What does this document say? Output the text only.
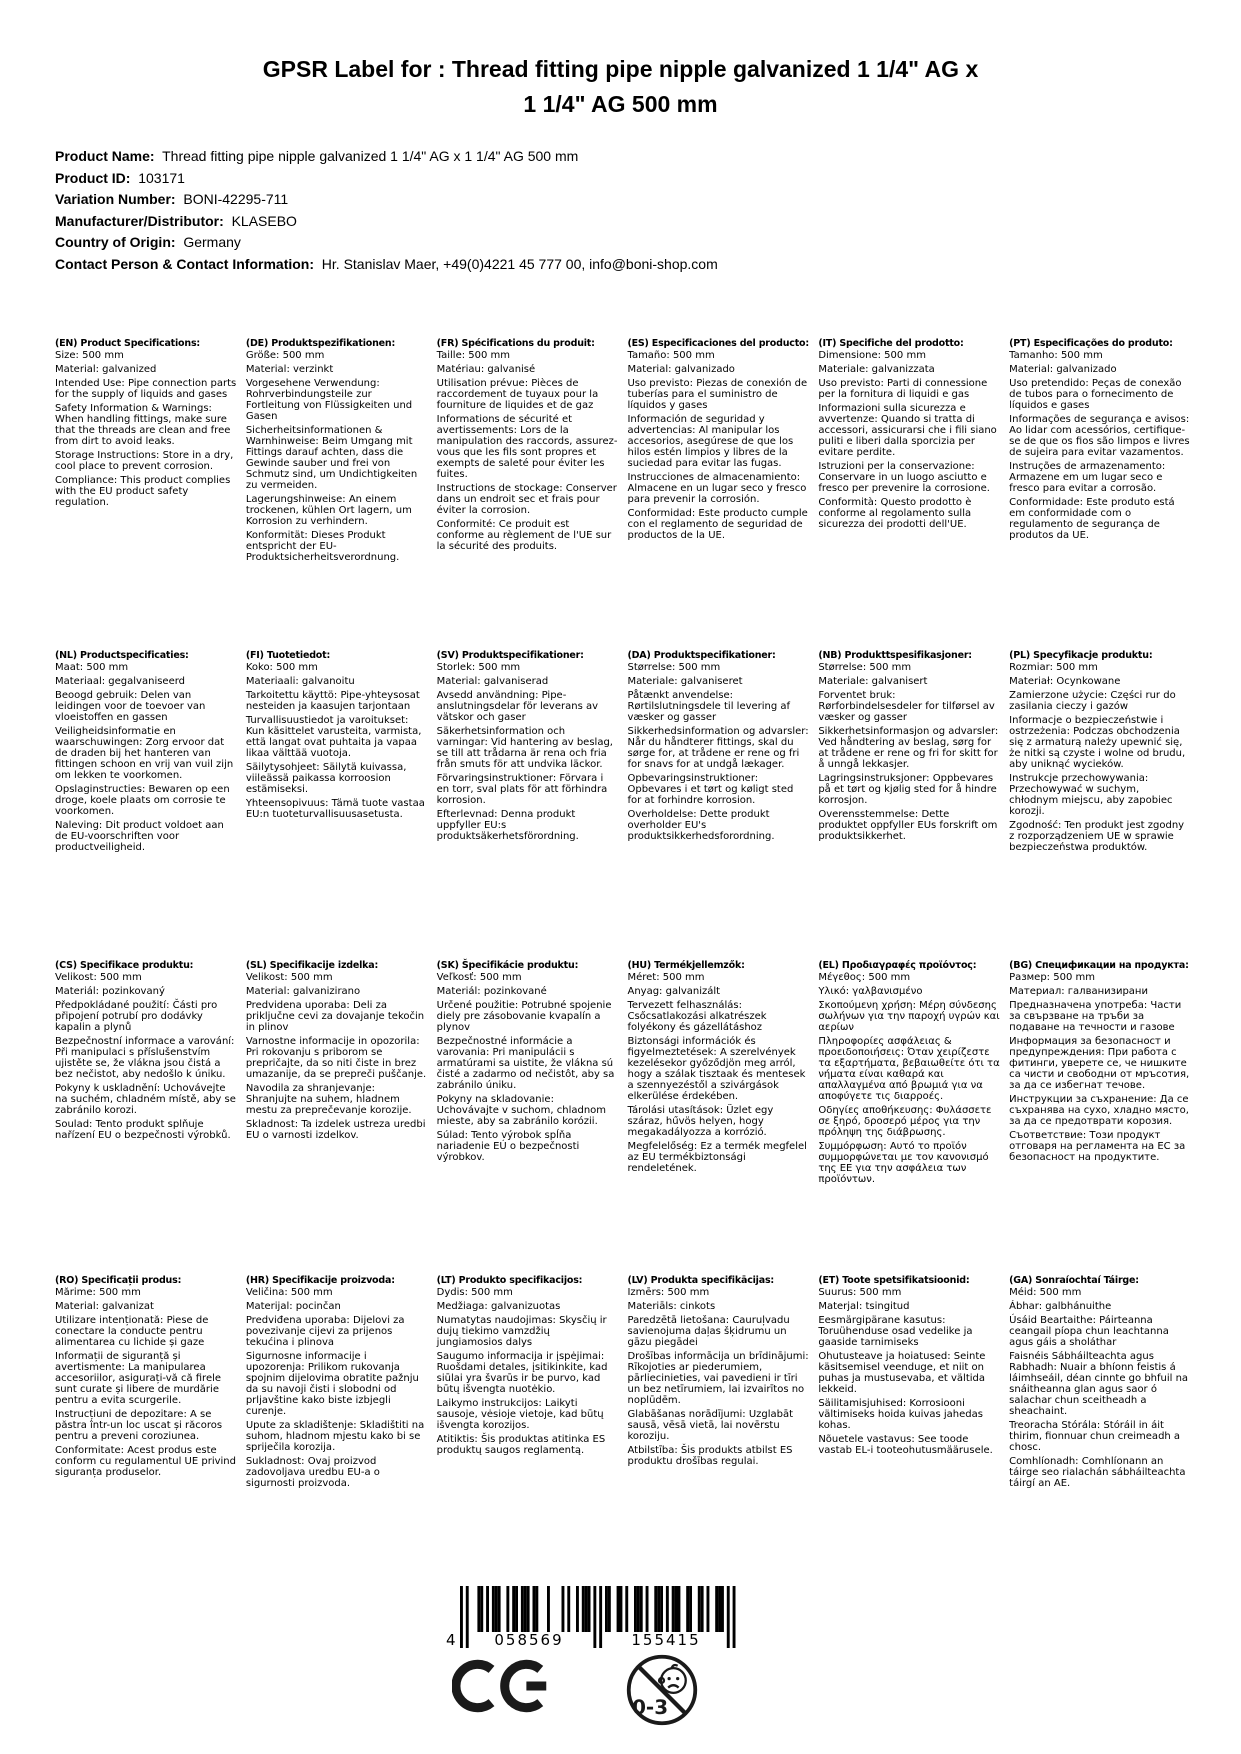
GPSR Label for : Thread fitting pipe nipple galvanized 1 1/4" AG x
1 1/4" AG 500 mm
Product Name: Thread fitting pipe nipple galvanized 1 1/4" AG x 1 1/4" AG 500 mm
Product ID: 103171
Variation Number: BONI-42295-711
Manufacturer/Distributor: KLASEBO
Country of Origin: Germany
Contact Person & Contact Information: Hr. Stanislav Maer, +49(0)4221 45 777 00, info@boni-shop.com
(EN) Product Specifications:

Size: 500 mm

Material: galvanized

Intended Use: Pipe connection parts for the supply of liquids and gases

Safety Information & Warnings: When handling fittings, make sure that the threads are clean and free from dirt to avoid leaks.

Storage Instructions: Store in a dry, cool place to prevent corrosion.

Compliance: This product complies with the EU product safety regulation.

(DE) Produktspezifikationen:

Größe: 500 mm

Material: verzinkt

Vorgesehene Verwendung: Rohrverbindungsteile zur Fortleitung von Flüssigkeiten und Gasen

Sicherheitsinformationen & Warnhinweise: Beim Umgang mit Fittings darauf achten, dass die Gewinde sauber und frei von Schmutz sind, um Undichtigkeiten zu vermeiden.

Lagerungshinweise: An einem trockenen, kühlen Ort lagern, um Korrosion zu verhindern.

Konformität: Dieses Produkt entspricht der EU-Produktsicherheitsverordnung.

(FR) Spécifications du produit:

Taille: 500 mm

Matériau: galvanisé

Utilisation prévue: Pièces de raccordement de tuyaux pour la fourniture de liquides et de gaz

Informations de sécurité et avertissements: Lors de la manipulation des raccords, assurez-vous que les fils sont propres et exempts de saleté pour éviter les fuites.

Instructions de stockage: Conserver dans un endroit sec et frais pour éviter la corrosion.

Conformité: Ce produit est conforme au règlement de l'UE sur la sécurité des produits.

(ES) Especificaciones del producto:

Tamaño: 500 mm

Material: galvanizado

Uso previsto: Piezas de conexión de tuberías para el suministro de líquidos y gases

Información de seguridad y advertencias: Al manipular los accesorios, asegúrese de que los hilos estén limpios y libres de la suciedad para evitar las fugas.

Instrucciones de almacenamiento: Almacene en un lugar seco y fresco para prevenir la corrosión.

Conformidad: Este producto cumple con el reglamento de seguridad de productos de la UE.

(IT) Specifiche del prodotto:

Dimensione: 500 mm

Materiale: galvanizzata

Uso previsto: Parti di connessione per la fornitura di liquidi e gas

Informazioni sulla sicurezza e avvertenze: Quando si tratta di accessori, assicurarsi che i fili siano puliti e liberi dalla sporcizia per evitare perdite.

Istruzioni per la conservazione: Conservare in un luogo asciutto e fresco per prevenire la corrosione.

Conformità: Questo prodotto è conforme al regolamento sulla sicurezza dei prodotti dell'UE.

(PT) Especificações do produto:

Tamanho: 500 mm

Material: galvanizado

Uso pretendido: Peças de conexão de tubos para o fornecimento de líquidos e gases

Informações de segurança e avisos: Ao lidar com acessórios, certifique-se de que os fios são limpos e livres de sujeira para evitar vazamentos.

Instruções de armazenamento: Armazene em um lugar seco e fresco para evitar a corrosão.

Conformidade: Este produto está em conformidade com o regulamento de segurança de produtos da UE.

(NL) Productspecificaties:

Maat: 500 mm

Materiaal: gegalvaniseerd

Beoogd gebruik: Delen van leidingen voor de toevoer van vloeistoffen en gassen

Veiligheidsinformatie en waarschuwingen: Zorg ervoor dat de draden bij het hanteren van fittingen schoon en vrij van vuil zijn om lekken te voorkomen.

Opslaginstructies: Bewaren op een droge, koele plaats om corrosie te voorkomen.

Naleving: Dit product voldoet aan de EU-voorschriften voor productveiligheid.

(FI) Tuotetiedot:

Koko: 500 mm

Materiaali: galvanoitu

Tarkoitettu käyttö: Pipe-yhteysosat nesteiden ja kaasujen tarjontaan

Turvallisuustiedot ja varoitukset: Kun käsittelet varusteita, varmista, että langat ovat puhtaita ja vapaa likaa välttää vuotoja.

Säilytysohjeet: Säilytä kuivassa, viileässä paikassa korroosion estämiseksi.

Yhteensopivuus: Tämä tuote vastaa EU:n tuoteturvallisuusasetusta.

(SV) Produktspecifikationer:

Storlek: 500 mm

Material: galvaniserad

Avsedd användning: Pipe-anslutningsdelar för leverans av vätskor och gaser

Säkerhetsinformation och varningar: Vid hantering av beslag, se till att trådarna är rena och fria från smuts för att undvika läckor.

Förvaringsinstruktioner: Förvara i en torr, sval plats för att förhindra korrosion.

Efterlevnad: Denna produkt uppfyller EU:s produktsäkerhetsförordning.

(DA) Produktspecifikationer:

Størrelse: 500 mm

Materiale: galvaniseret

Påtænkt anvendelse: Rørtilslutningsdele til levering af væsker og gasser

Sikkerhedsinformation og advarsler: Når du håndterer fittings, skal du sørge for, at trådene er rene og fri for snavs for at undgå lækager.

Opbevaringsinstruktioner: Opbevares i et tørt og køligt sted for at forhindre korrosion.

Overholdelse: Dette produkt overholder EU's produktsikkerhedsforordning.

(NB) Produkttspesifikasjoner:

Størrelse: 500 mm

Materiale: galvanisert

Forventet bruk: Rørforbindelsesdeler for tilførsel av væsker og gasser

Sikkerhetsinformasjon og advarsler: Ved håndtering av beslag, sørg for at trådene er rene og fri for skitt for å unngå lekkasjer.

Lagringsinstruksjoner: Oppbevares på et tørt og kjølig sted for å hindre korrosjon.

Overensstemmelse: Dette produktet oppfyller EUs forskrift om produktsikkerhet.

(PL) Specyfikacje produktu:

Rozmiar: 500 mm

Materiał: Ocynkowane

Zamierzone użycie: Części rur do zasilania cieczy i gazów

Informacje o bezpieczeństwie i ostrzeżenia: Podczas obchodzenia się z armaturą należy upewnić się, że nitki są czyste i wolne od brudu, aby uniknąć wycieków.

Instrukcje przechowywania: Przechowywać w suchym, chłodnym miejscu, aby zapobiec korozji.

Zgodność: Ten produkt jest zgodny z rozporządzeniem UE w sprawie bezpieczeństwa produktów.

(CS) Specifikace produktu:

Velikost: 500 mm

Materiál: pozinkovaný

Předpokládané použití: Části pro připojení potrubí pro dodávky kapalin a plynů

Bezpečnostní informace a varování: Při manipulaci s příslušenstvím ujistěte se, že vlákna jsou čistá a bez nečistot, aby nedošlo k úniku.

Pokyny k uskladnění: Uchovávejte na suchém, chladném místě, aby se zabránilo korozi.

Soulad: Tento produkt splňuje nařízení EU o bezpečnosti výrobků.

(SL) Specifikacije izdelka:

Velikost: 500 mm

Material: galvanizirano

Predvidena uporaba: Deli za priključne cevi za dovajanje tekočin in plinov

Varnostne informacije in opozorila: Pri rokovanju s priborom se prepričajte, da so niti čiste in brez umazanije, da se prepreči puščanje.

Navodila za shranjevanje: Shranjujte na suhem, hladnem mestu za preprečevanje korozije.

Skladnost: Ta izdelek ustreza uredbi EU o varnosti izdelkov.

(SK) Špecifikácie produktu:

Veľkosť: 500 mm

Materiál: pozinkované

Určené použitie: Potrubné spojenie diely pre zásobovanie kvapalín a plynov

Bezpečnostné informácie a varovania: Pri manipulácii s armatúrami sa uistite, že vlákna sú čisté a zadarmo od nečistôt, aby sa zabránilo úniku.

Pokyny na skladovanie: Uchovávajte v suchom, chladnom mieste, aby sa zabránilo korózii.

Súlad: Tento výrobok spĺňa nariadenie EÚ o bezpečnosti výrobkov.

(HU) Termékjellemzők:

Méret: 500 mm

Anyag: galvanizált

Tervezett felhasználás: Csőcsatlakozási alkatrészek folyékony és gázellátáshoz

Biztonsági információk és figyelmeztetések: A szerelvények kezelésekor győződjön meg arról, hogy a szálak tisztaak és mentesek a szennyezéstől a szivárgások elkerülése érdekében.

Tárolási utasítások: Üzlet egy száraz, hűvös helyen, hogy megakadályozza a korrózió.

Megfelelőség: Ez a termék megfelel az EU termékbiztonsági rendeletének.

(EL) Προδιαγραφές προϊόντος:

Μέγεθος: 500 mm

Υλικό: γαλβανισμένο

Σκοπούμενη χρήση: Μέρη σύνδεσης σωλήνων για την παροχή υγρών και αερίων

Πληροφορίες ασφάλειας & προειδοποιήσεις: Όταν χειρίζεστε τα εξαρτήματα, βεβαιωθείτε ότι τα νήματα είναι καθαρά και απαλλαγμένα από βρωμιά για να αποφύγετε τις διαρροές.

Οδηγίες αποθήκευσης: Φυλάσσετε σε ξηρό, δροσερό μέρος για την πρόληψη της διάβρωσης.

Συμμόρφωση: Αυτό το προϊόν συμμορφώνεται με τον κανονισμό της ΕΕ για την ασφάλεια των προϊόντων.

(BG) Спецификации на продукта:

Размер: 500 mm

Материал: галванизирани

Предназначена употреба: Части за свързване на тръби за подаване на течности и газове

Информация за безопасност и предупреждения: При работа с фитинги, уверете се, че нишките са чисти и свободни от мръсотия, за да се избегнат течове.

Инструкции за съхранение: Да се съхранява на сухо, хладно място, за да се предотврати корозия.

Съответствие: Този продукт отговаря на регламента на ЕС за безопасност на продуктите.

(RO) Specificații produs:

Mărime: 500 mm

Material: galvanizat

Utilizare intenționată: Piese de conectare la conducte pentru alimentarea cu lichide și gaze

Informații de siguranță și avertismente: La manipularea accesoriilor, asigurați-vă că firele sunt curate și libere de murdărie pentru a evita scurgerile.

Instrucțiuni de depozitare: A se păstra într-un loc uscat și răcoros pentru a preveni coroziunea.

Conformitate: Acest produs este conform cu regulamentul UE privind siguranța produselor.

(HR) Specifikacije proizvoda:

Veličina: 500 mm

Materijal: pocinčan

Predviđena uporaba: Dijelovi za povezivanje cijevi za prijenos tekućina i plinova

Sigurnosne informacije i upozorenja: Prilikom rukovanja spojnim dijelovima obratite pažnju da su navoji čisti i slobodni od prljavštine kako biste izbjegli curenje.

Upute za skladištenje: Skladištiti na suhom, hladnom mjestu kako bi se spriječila korozija.

Sukladnost: Ovaj proizvod zadovoljava uredbu EU-a o sigurnosti proizvoda.

(LT) Produkto specifikacijos:

Dydis: 500 mm

Medžiaga: galvanizuotas

Numatytas naudojimas: Skysčių ir dujų tiekimo vamzdžių jungiamosios dalys

Saugumo informacija ir įspėjimai: Ruošdami detales, įsitikinkite, kad siūlai yra švarūs ir be purvo, kad būtų išvengta nuotėkio.

Laikymo instrukcijos: Laikyti sausoje, vėsioje vietoje, kad būtų išvengta korozijos.

Atitiktis: Šis produktas atitinka ES produktų saugos reglamentą.

(LV) Produkta specifikācijas:

Izmērs: 500 mm

Materiāls: cinkots

Paredzētā lietošana: Cauruļvadu savienojuma daļas šķidrumu un gāzu piegādei

Drošības informācija un brīdinājumi: Rīkojoties ar piederumiem, pārliecinieties, vai pavedieni ir tīri un bez netīrumiem, lai izvairītos no noplūdēm.

Glabāšanas norādījumi: Uzglabāt sausā, vēsā vietā, lai novērstu koroziju.

Atbilstība: Šis produkts atbilst ES produktu drošības regulai.

(ET) Toote spetsifikatsioonid:

Suurus: 500 mm

Materjal: tsingitud

Eesmärgipärane kasutus: Toruühenduse osad vedelike ja gaaside tarnimiseks

Ohutusteave ja hoiatused: Seinte käsitsemisel veenduge, et niit on puhas ja mustusevaba, et vältida lekkeid.

Säilitamisjuhised: Korrosiooni vältimiseks hoida kuivas jahedas kohas.

Nõuetele vastavus: See toode vastab EL-i tooteohutusmäärusele.

(GA) Sonraíochtaí Táirge:

Méid: 500 mm

Ábhar: galbhánuithe

Úsáid Beartaithe: Páirteanna ceangail píopa chun leachtanna agus gáis a sholáthar

Faisnéis Sábháilteachta agus Rabhadh: Nuair a bhíonn feistis á láimhseáil, déan cinnte go bhfuil na snáitheanna glan agus saor ó salachar chun sceitheadh a sheachaint.

Treoracha Stórála: Stóráil in áit thirim, fionnuar chun creimeadh a chosc.

Comhlíonadh: Comhlíonann an táirge seo rialachán sábháilteachta táirgí an AE.

4	058569	155415
0-3
